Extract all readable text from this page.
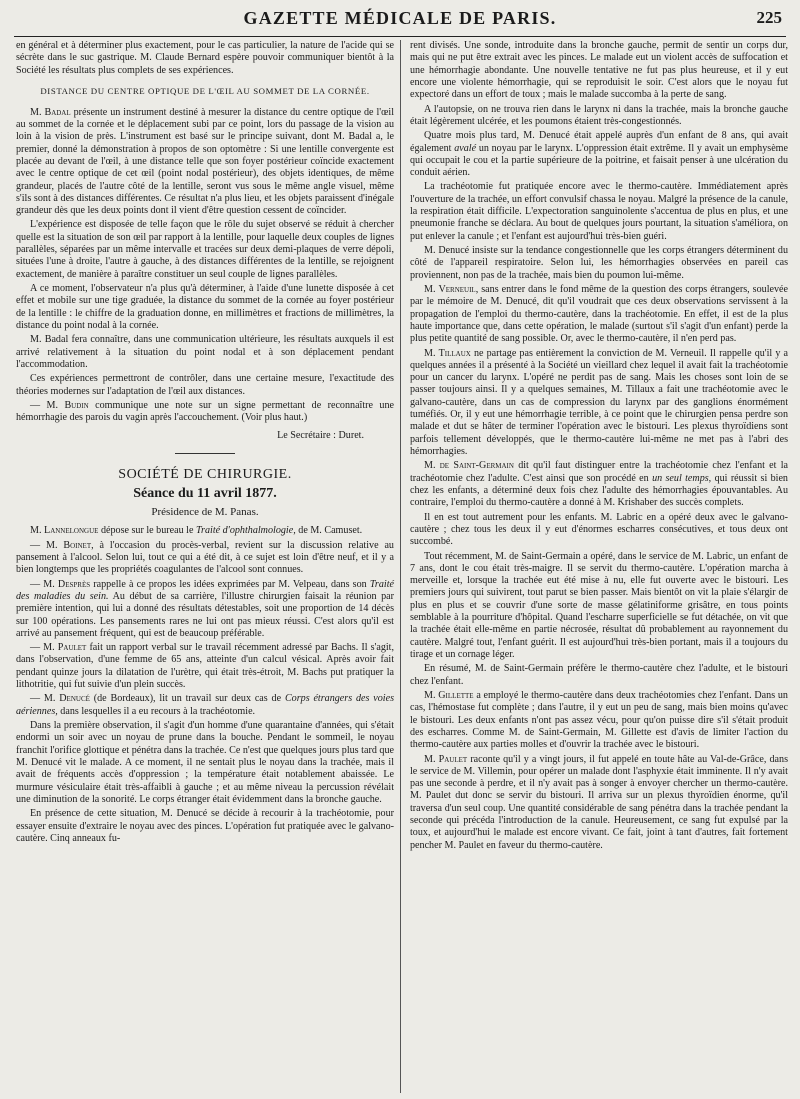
GAZETTE MÉDICALE DE PARIS.	225

en général et à déterminer plus exactement, pour le cas particulier, la nature de l'acide qui se sécrète dans le suc gastrique. M. Claude Bernard espère pouvoir communiquer bientôt à la Société les résultats plus complets de ses expériences.

DISTANCE DU CENTRE OPTIQUE DE L'ŒIL AU SOMMET DE LA CORNÉE.

M. Badal présente un instrument destiné à mesurer la distance du centre optique de l'œil au sommet de la cornée et le déplacement subi par ce point, lors du passage de la vision au loin à la vision de près. L'instrument est basé sur le principe suivant, dont M. Badal a, le premier, donné la démonstration à propos de son optomètre : Si une lentille convergente est placée au devant de l'œil, à une distance telle que son foyer postérieur coïncide exactement avec le centre optique de cet œil (point nodal postérieur), des objets identiques, de même grandeur, placés de l'autre côté de la lentille, seront vus sous le même angle visuel, même s'ils sont à des distances différentes. Ce résultat n'a plus lieu, et les objets paraissent d'inégale grandeur dès que les deux points dont il vient d'être question cessent de coïncider.

L'expérience est disposée de telle façon que le rôle du sujet observé se réduit à chercher quelle est la situation de son œil par rapport à la lentille, pour laquelle deux couples de lignes parallèles, séparées par un même intervalle et tracées sur deux demi-plaques de verre dépoli, situées l'une à droite, l'autre à gauche, à des distances différentes de la lentille, se rejoignent exactement, de manière à paraître constituer un seul couple de lignes parallèles.

A ce moment, l'observateur n'a plus qu'à déterminer, à l'aide d'une lunette disposée à cet effet et mobile sur une tige graduée, la distance du sommet de la cornée au foyer postérieur de la lentille : le chiffre de la graduation donne, en millimètres et fractions de millimètres, la distance du point nodal à la cornée.

M. Badal fera connaître, dans une communication ultérieure, les résultats auxquels il est arrivé relativement à la situation du point nodal et à son déplacement pendant l'accommodation.

Ces expériences permettront de contrôler, dans une certaine mesure, l'exactitude des théories modernes sur l'adaptation de l'œil aux distances.

— M. Budin communique une note sur un signe permettant de reconnaître une hémorrhagie des parois du vagin après l'accouchement. (Voir plus haut.)

Le Secrétaire : Duret.

SOCIÉTÉ DE CHIRURGIE.

Séance du 11 avril 1877.

Présidence de M. Panas.

M. Lannelongue dépose sur le bureau le Traité d'ophthalmologie, de M. Camuset.

— M. Boinet, à l'occasion du procès-verbal, revient sur la discussion relative au pansement à l'alcool. Selon lui, tout ce qui a été dit, à ce sujet est loin d'être neuf, et il y a bien longtemps que les propriétés coagulantes de l'alcool sont connues.

— M. Desprès rappelle à ce propos les idées exprimées par M. Velpeau, dans son Traité des maladies du sein. Au début de sa carrière, l'illustre chirurgien faisait la réunion par première intention, qui lui a donné des résultats détestables, soit une proportion de 14 décès sur 100 opérations. Les pansements rares ne lui ont pas mieux réussi. C'est alors qu'il est arrivé au pansement fréquent, qui est de beaucoup préférable.

— M. Paulet fait un rapport verbal sur le travail récemment adressé par Bachs. Il s'agit, dans l'observation, d'une femme de 65 ans, atteinte d'un calcul vésical. Après avoir fait pendant quinze jours la dilatation de l'urètre, qui était très-étroit, M. Bachs put pratiquer la lithotritie, qui fut suivie d'un plein succès.

— M. Denucé (de Bordeaux), lit un travail sur deux cas de Corps étrangers des voies aériennes, dans lesquelles il a eu recours à la trachéotomie.

Dans la première observation, il s'agit d'un homme d'une quarantaine d'années, qui s'était endormi un soir avec un noyau de prune dans la bouche. Pendant le sommeil, le noyau franchit l'orifice glottique et pénétra dans la trachée. Ce n'est que quelques jours plus tard que M. Denucé vit le malade. A ce moment, il ne sentait plus le noyau dans la trachée, mais il avait de fréquents accès d'oppression ; la température était notablement abaissée. Le murmure vésiculaire était très-affaibli à gauche ; et au même niveau la percussion révélait une diminution de la sonorité. Le corps étranger était évidemment dans la bronche gauche.

En présence de cette situation, M. Denucé se décide à recourir à la trachéotomie, pour essayer ensuite d'extraire le noyau avec des pinces. L'opération fut pratiquée avec le galvano-cautère. Cinq anneaux fu-

rent divisés. Une sonde, introduite dans la bronche gauche, permit de sentir un corps dur, mais qui ne put être extrait avec les pinces. Le malade eut un violent accès de suffocation et une hémorrhagie abondante. Une nouvelle tentative ne fut pas plus heureuse, et il y eut encore une violente hémorrhagie, qui se reproduisit le soir. C'est alors que le noyau fut expectoré dans un effort de toux ; mais le malade succomba à la perte de sang.

A l'autopsie, on ne trouva rien dans le larynx ni dans la trachée, mais la bronche gauche était légèrement ulcérée, et les poumons étaient très-congestionnés.

Quatre mois plus tard, M. Denucé était appelé auprès d'un enfant de 8 ans, qui avait également avalé un noyau par le larynx. L'oppression était extrême. Il y avait un emphysème qui occupait le cou et la partie supérieure de la poitrine, et faisait penser à une ulcération du conduit aérien.

La trachéotomie fut pratiquée encore avec le thermo-cautère. Immédiatement après l'ouverture de la trachée, un effort convulsif chassa le noyau. Malgré la présence de la canule, la respiration était difficile. L'expectoration sanguinolente s'accentua de plus en plus, et une pneumonie franche se déclara. Au bout de quelques jours pourtant, la situation s'améliora, on put enlever la canule ; et l'enfant est aujourd'hui très-bien guéri.

M. Denucé insiste sur la tendance congestionnelle que les corps étrangers déterminent du côté de l'appareil respiratoire. Selon lui, les hémorrhagies observées en pareil cas proviennent, non pas de la trachée, mais bien du poumon lui-même.

M. Verneuil, sans entrer dans le fond même de la question des corps étrangers, soulevée par le mémoire de M. Denucé, dit qu'il voudrait que ces deux observations servissent à la propagation de l'emploi du thermo-cautère, dans la trachéotomie. En effet, il est de la plus haute importance que, dans cette opération, le malade (surtout s'il s'agit d'un enfant) perde la plus petite quantité de sang possible. Or, avec le thermo-cautère, il n'en perd pas.

M. Tillaux ne partage pas entièrement la conviction de M. Verneuil. Il rappelle qu'il y a quelques années il a présenté à la Société un vieillard chez lequel il avait fait la trachéotomie pour un cancer du larynx. L'opéré ne perdit pas de sang. Mais les choses sont loin de se passer toujours ainsi. Il y a quelques semaines, M. Tillaux a fait une trachéotomie avec le galvano-cautère, dans un cas de compression du larynx par des ganglions énormément tuméfiés. Or, il y eut une hémorrhagie terrible, à ce point que le chirurgien pensa perdre son malade et dut se hâter de terminer l'opération avec le bistouri. Les plexus thyroïdiens sont parfois tellement développés, que le thermo-cautère lui-même ne met pas à l'abri des hémorrhagies.

M. de Saint-Germain dit qu'il faut distinguer entre la trachéotomie chez l'enfant et la trachéotomie chez l'adulte. C'est ainsi que son procédé en un seul temps, qui réussit si bien chez les enfants, a déterminé deux fois chez l'adulte des hémorrhagies épouvantables. Au contraire, l'emploi du thermo-cautère a donné à M. Krishaber des succès complets.

Il en est tout autrement pour les enfants. M. Labric en a opéré deux avec le galvano-cautère ; chez tous les deux il y eut d'énormes escharres consécutives, et tous deux ont succombé.

Tout récemment, M. de Saint-Germain a opéré, dans le service de M. Labric, un enfant de 7 ans, dont le cou était très-maigre. Il se servit du thermo-cautère. L'opération marcha à merveille et, lorsque la trachée eut été mise à nu, elle fut ouverte avec le bistouri. Les premiers jours qui suivirent, tout parut se bien passer. Mais bientôt on vit la plaie s'élargir de plus en plus et se couvrir d'une sorte de masse gélatiniforme grisâtre, en tous points semblable à la pourriture d'hôpital. Quand l'escharre superficielle se fut détachée, on vit que la trachée était elle-même en partie nécrosée, résultat dû probablement au rayonnement du cautère. Malgré tout, l'enfant guérit. Il est aujourd'hui très-bien portant, mais il a toujours du tirage et un cornage léger.

En résumé, M. de Saint-Germain préfère le thermo-cautère chez l'adulte, et le bistouri chez l'enfant.

M. Gillette a employé le thermo-cautère dans deux trachéotomies chez l'enfant. Dans un cas, l'hémostase fut complète ; dans l'autre, il y eut un peu de sang, mais bien moins qu'avec le bistouri. Les deux enfants n'ont pas assez vécu, pour qu'on puisse dire s'il s'était produit des escharres. Comme M. de Saint-Germain, M. Gillette est d'avis de limiter l'action du thermo-cautère aux parties molles et d'ouvrir la trachée avec le bistouri.

M. Paulet raconte qu'il y a vingt jours, il fut appelé en toute hâte au Val-de-Grâce, dans le service de M. Villemin, pour opérer un malade dont l'asphyxie était imminente. Il n'y avait pas une seconde à perdre, et il n'y avait pas à songer à envoyer chercher un thermo-cautère. M. Paulet dut donc se servir du bistouri. Il arriva sur un plexus thyroïdien énorme, qu'il traversa d'un seul coup. Une quantité considérable de sang pénétra dans la trachée pendant la seconde qui précéda l'introduction de la canule. Heureusement, ce sang fut expulsé par la toux, et aujourd'hui le malade est encore vivant. Ce fait, joint à tant d'autres, fait fortement pencher M. Paulet en faveur du thermo-cautère.
